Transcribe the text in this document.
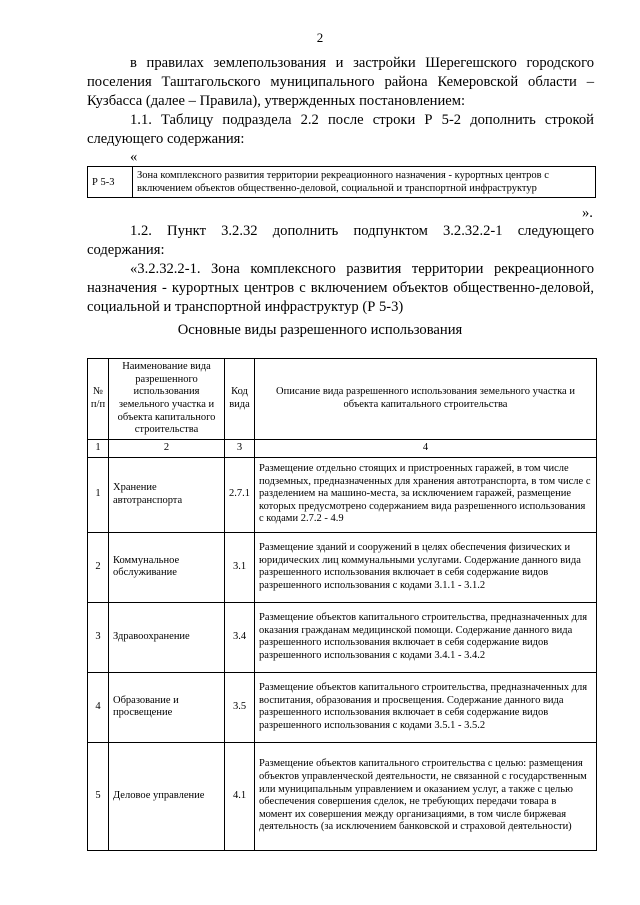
2

в правилах землепользования и застройки Шерегешского городского поселения Таштагольского муниципального района Кемеровской области – Кузбасса (далее – Правила), утвержденных постановлением:

1.1. Таблицу подраздела 2.2 после строки Р 5-2 дополнить строкой следующего содержания:

«
Р 5-3	Зона комплексного развития территории рекреационного назначения - курортных центров с включением объектов общественно-деловой, социальной и транспортной инфраструктур
».

1.2. Пункт 3.2.32 дополнить подпунктом 3.2.32.2-1 следующего содержания:

«3.2.32.2-1. Зона комплексного развития территории рекреационного назначения - курортных центров с включением объектов общественно-деловой, социальной и транспортной инфраструктур (Р 5-3)

Основные виды разрешенного использования
№ п/п	Наименование вида разрешенного использования земельного участка и объекта капитального строительства	Код вида	Описание вида разрешенного использования земельного участка и объекта капитального строительства
1	2	3	4
1	Хранение автотранспорта	2.7.1	Размещение отдельно стоящих и пристроенных гаражей, в том числе подземных, предназначенных для хранения автотранспорта, в том числе с разделением на машино-места, за исключением гаражей, размещение которых предусмотрено содержанием вида разрешенного использования с кодами 2.7.2 - 4.9
2	Коммунальное обслуживание	3.1	Размещение зданий и сооружений в целях обеспечения физических и юридических лиц коммунальными услугами. Содержание данного вида разрешенного использования включает в себя содержание видов разрешенного использования с кодами 3.1.1 - 3.1.2
3	Здравоохранение	3.4	Размещение объектов капитального строительства, предназначенных для оказания гражданам медицинской помощи. Содержание данного вида разрешенного использования включает в себя содержание видов разрешенного использования с кодами 3.4.1 - 3.4.2
4	Образование и просвещение	3.5	Размещение объектов капитального строительства, предназначенных для воспитания, образования и просвещения. Содержание данного вида разрешенного использования включает в себя содержание видов разрешенного использования с кодами 3.5.1 - 3.5.2
5	Деловое управление	4.1	Размещение объектов капитального строительства с целью: размещения объектов управленческой деятельности, не связанной с государственным или муниципальным управлением и оказанием услуг, а также с целью обеспечения совершения сделок, не требующих передачи товара в момент их совершения между организациями, в том числе биржевая деятельность (за исключением банковской и страховой деятельности)
